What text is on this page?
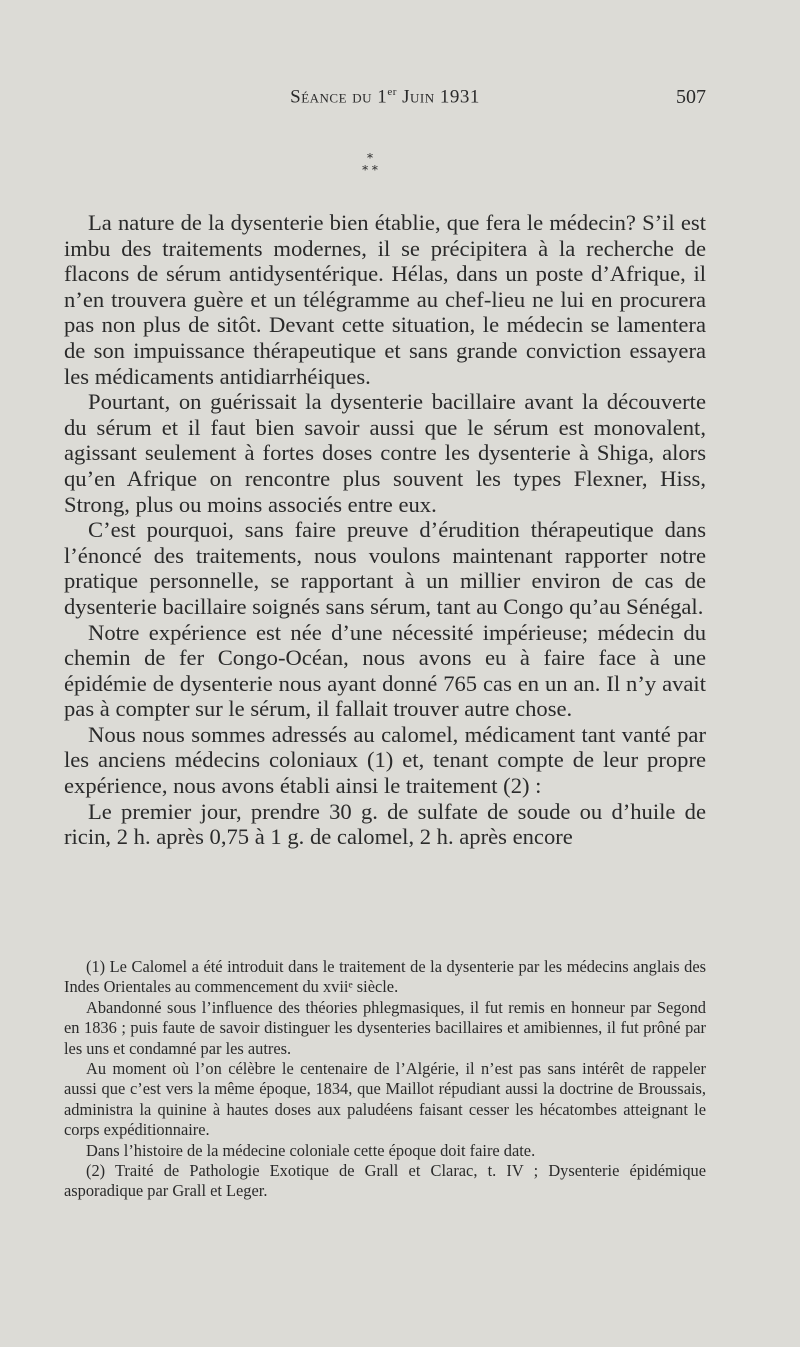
Séance du 1er Juin 1931	507
*
* *

La nature de la dysenterie bien établie, que fera le médecin? S’il est imbu des traitements modernes, il se précipitera à la recherche de flacons de sérum antidysentérique. Hélas, dans un poste d’Afrique, il n’en trouvera guère et un télégramme au chef-lieu ne lui en procurera pas non plus de sitôt. Devant cette situation, le médecin se lamentera de son impuissance thérapeutique et sans grande conviction essayera les médicaments antidiarrhéiques.

Pourtant, on guérissait la dysenterie bacillaire avant la découverte du sérum et il faut bien savoir aussi que le sérum est monovalent, agissant seulement à fortes doses contre les dysenterie à Shiga, alors qu’en Afrique on rencontre plus souvent les types Flexner, Hiss, Strong, plus ou moins associés entre eux.

C’est pourquoi, sans faire preuve d’érudition thérapeutique dans l’énoncé des traitements, nous voulons maintenant rapporter notre pratique personnelle, se rapportant à un millier environ de cas de dysenterie bacillaire soignés sans sérum, tant au Congo qu’au Sénégal.

Notre expérience est née d’une nécessité impérieuse; médecin du chemin de fer Congo-Océan, nous avons eu à faire face à une épidémie de dysenterie nous ayant donné 765 cas en un an. Il n’y avait pas à compter sur le sérum, il fallait trouver autre chose.

Nous nous sommes adressés au calomel, médicament tant vanté par les anciens médecins coloniaux (1) et, tenant compte de leur propre expérience, nous avons établi ainsi le traitement (2) :

Le premier jour, prendre 30 g. de sulfate de soude ou d’huile de ricin, 2 h. après 0,75 à 1 g. de calomel, 2 h. après encore

(1) Le Calomel a été introduit dans le traitement de la dysenterie par les médecins anglais des Indes Orientales au commencement du xviiᵉ siècle.

Abandonné sous l’influence des théories phlegmasiques, il fut remis en honneur par Segond en 1836 ; puis faute de savoir distinguer les dysenteries bacillaires et amibiennes, il fut prôné par les uns et condamné par les autres.

Au moment où l’on célèbre le centenaire de l’Algérie, il n’est pas sans intérêt de rappeler aussi que c’est vers la même époque, 1834, que Maillot répudiant aussi la doctrine de Broussais, administra la quinine à hautes doses aux paludéens faisant cesser les hécatombes atteignant le corps expéditionnaire.

Dans l’histoire de la médecine coloniale cette époque doit faire date.

(2) Traité de Pathologie Exotique de Grall et Clarac, t. IV ; Dysenterie épidémique asporadique par Grall et Leger.
